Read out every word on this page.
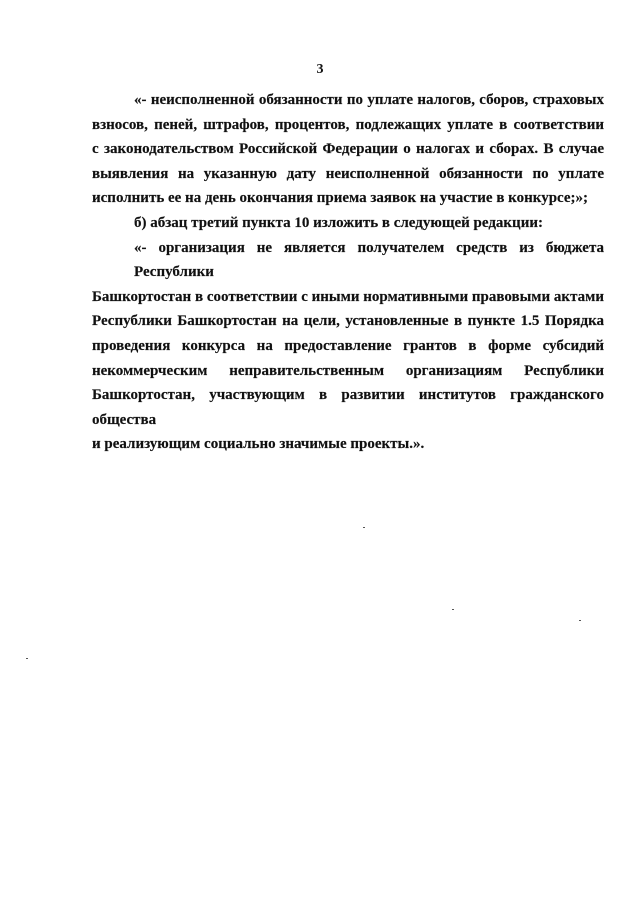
3

«- неисполненной обязанности по уплате налогов, сборов, страховых
взносов, пеней, штрафов, процентов, подлежащих уплате в соответствии
с законодательством Российской Федерации о налогах и сборах. В случае
выявления на указанную дату неисполненной обязанности по уплате
исполнить ее на день окончания приема заявок на участие в конкурсе;»;

б) абзац третий пункта 10 изложить в следующей редакции:

«- организация не является получателем средств из бюджета Республики
Башкортостан в соответствии с иными нормативными правовыми актами
Республики Башкортостан на цели, установленные в пункте 1.5 Порядка
проведения конкурса на предоставление грантов в форме субсидий
некоммерческим неправительственным организациям Республики
Башкортостан, участвующим в развитии институтов гражданского общества
и реализующим социально значимые проекты.».
